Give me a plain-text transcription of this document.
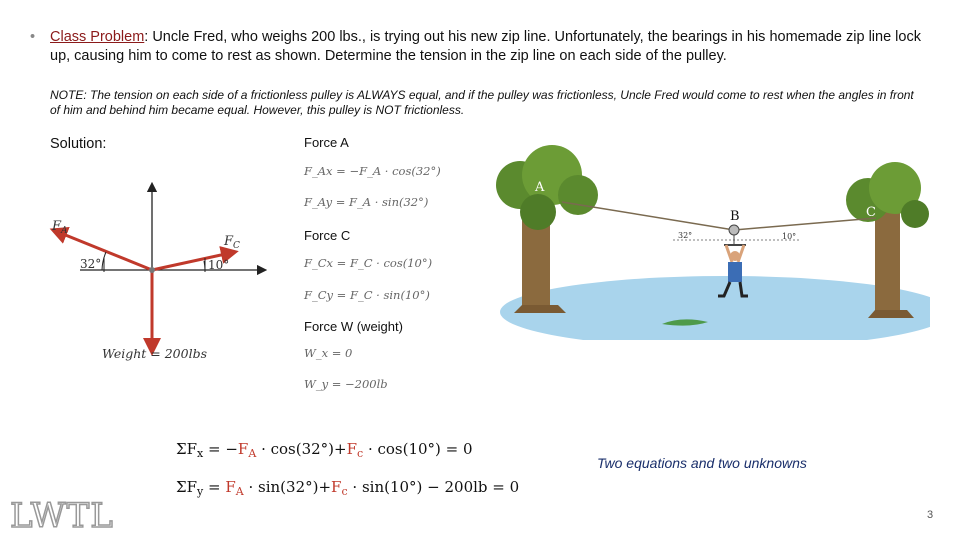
• Class Problem: Uncle Fred, who weighs 200 lbs., is trying out his new zip line. Unfortunately, the bearings in his homemade zip line lock up, causing him to come to rest as shown. Determine the tension in the zip line on each side of the pulley.
NOTE: The tension on each side of a frictionless pulley is ALWAYS equal, and if the pulley was frictionless, Uncle Fred would come to rest when the angles in front of him and behind him became equal. However, this pulley is NOT frictionless.
Solution:
$F_A$
$F_C$
32°	10°
Weight = 200lbs
Force A
F_Ax = −F_A · cos(32°)
F_Ay = F_A · sin(32°)
Force C
F_Cx = F_C · cos(10°)
F_Cy = F_C · sin(10°)
Force W (weight)
W_x = 0
W_y = −200lb
$\Sigma F_x = -F_A \cdot \cos(32^\circ)+F_c \cdot \cos(10^\circ) = 0$
$\Sigma F_y = F_A \cdot \sin(32^\circ)+F_c \cdot \sin(10^\circ) - 200lb = 0$
32°	10°
A
B	C
Two equations and two unknowns
LWTL	3
